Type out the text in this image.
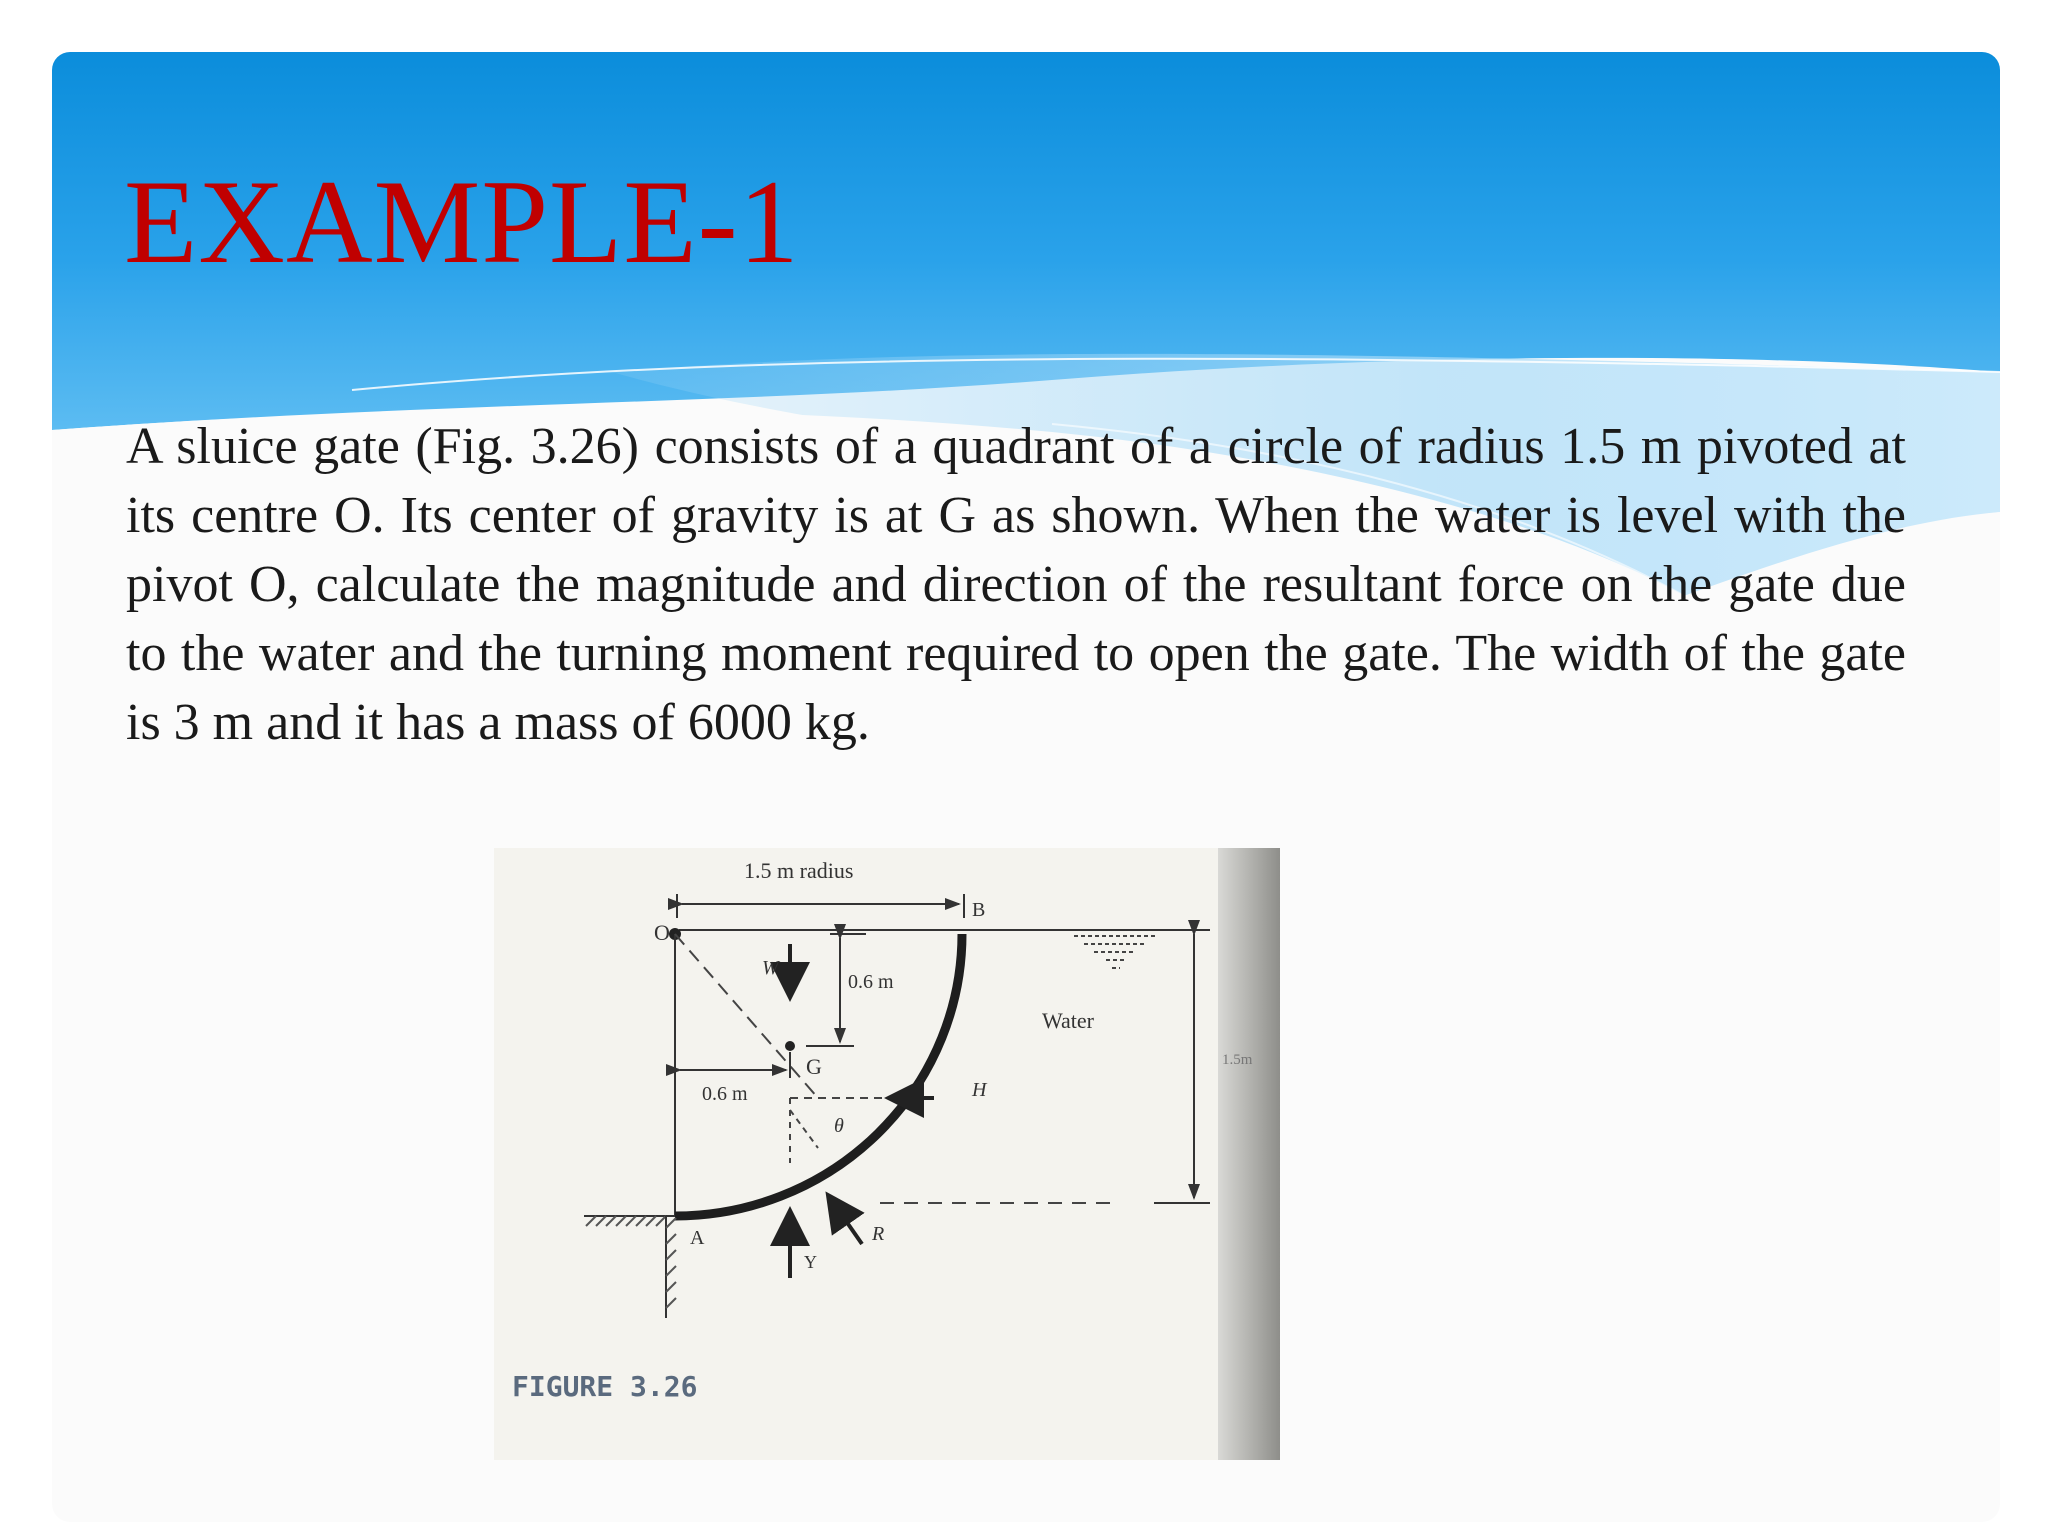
EXAMPLE-1

A sluice gate (Fig. 3.26) consists of a quadrant of a circle of radius 1.5 m pivoted at its centre O. Its center of gravity is at G as shown. When the water is level with the pivot O, calculate the magnitude and direction of the resultant force on the gate due to the water and the turning moment required to open the gate. The width of the gate is 3 m and it has a mass of 6000 kg.

1.5m
1.5 m radius
O
A
B
G
W
0.6 m
0.6 m
θ
H
R
Y
Water
FIGURE 3.26
